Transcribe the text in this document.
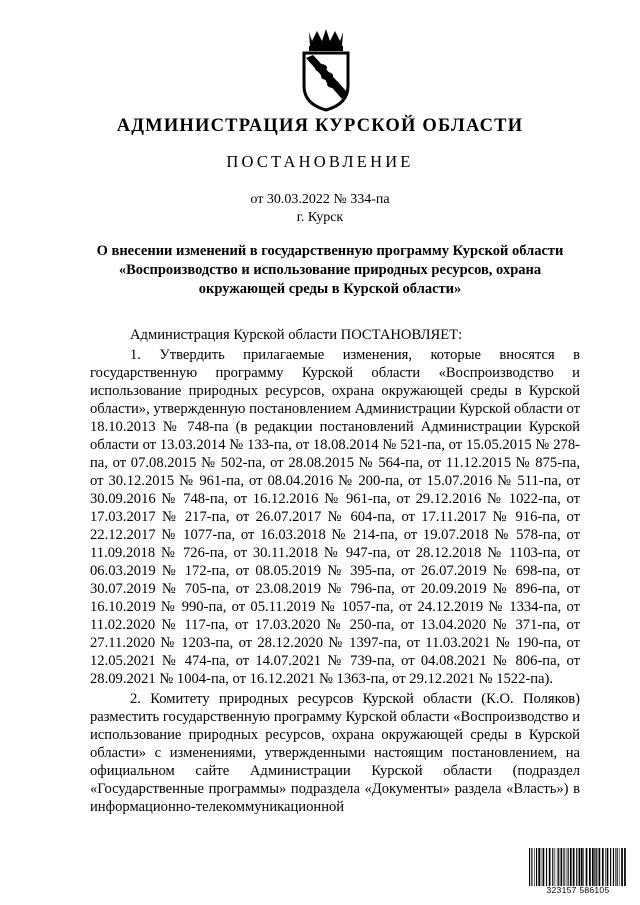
АДМИНИСТРАЦИЯ КУРСКОЙ ОБЛАСТИ
ПОСТАНОВЛЕНИЕ
от 30.03.2022 № 334-па
г. Курск
О внесении изменений в государственную программу Курской области «Воспроизводство и использование природных ресурсов, охрана окружающей среды в Курской области»

Администрация Курской области ПОСТАНОВЛЯЕТ:

1. Утвердить прилагаемые изменения, которые вносятся в государственную программу Курской области «Воспроизводство и использование природных ресурсов, охрана окружающей среды в Курской области», утвержденную постановлением Администрации Курской области от 18.10.2013 № 748-па (в редакции постановлений Администрации Курской области от 13.03.2014 № 133-па, от 18.08.2014 № 521-па, от 15.05.2015 № 278-па, от 07.08.2015 № 502-па, от 28.08.2015 № 564-па, от 11.12.2015 № 875-па, от 30.12.2015 № 961-па, от 08.04.2016 № 200-па, от 15.07.2016 № 511-па, от 30.09.2016 № 748-па, от 16.12.2016 № 961-па, от 29.12.2016 № 1022-па, от 17.03.2017 № 217-па, от 26.07.2017 № 604-па, от 17.11.2017 № 916-па, от 22.12.2017 № 1077-па, от 16.03.2018 № 214-па, от 19.07.2018 № 578-па, от 11.09.2018 № 726-па, от 30.11.2018 № 947-па, от 28.12.2018 № 1103-па, от 06.03.2019 № 172-па, от 08.05.2019 № 395-па, от 26.07.2019 № 698-па, от 30.07.2019 № 705-па, от 23.08.2019 № 796-па, от 20.09.2019 № 896-па, от 16.10.2019 № 990-па, от 05.11.2019 № 1057-па, от 24.12.2019 № 1334-па, от 11.02.2020 № 117-па, от 17.03.2020 № 250-па, от 13.04.2020 № 371-па, от 27.11.2020 № 1203-па, от 28.12.2020 № 1397-па, от 11.03.2021 № 190-па, от 12.05.2021 № 474-па, от 14.07.2021 № 739-па, от 04.08.2021 № 806-па, от 28.09.2021 № 1004-па, от 16.12.2021 № 1363-па, от 29.12.2021 № 1522-па).

2. Комитету природных ресурсов Курской области (К.О. Поляков) разместить государственную программу Курской области «Воспроизводство и использование природных ресурсов, охрана окружающей среды в Курской области» с изменениями, утвержденными настоящим постановлением, на официальном сайте Администрации Курской области (подраздел «Государственные программы» подраздела «Документы» раздела «Власть») в информационно-телекоммуникационной

323157 586105
